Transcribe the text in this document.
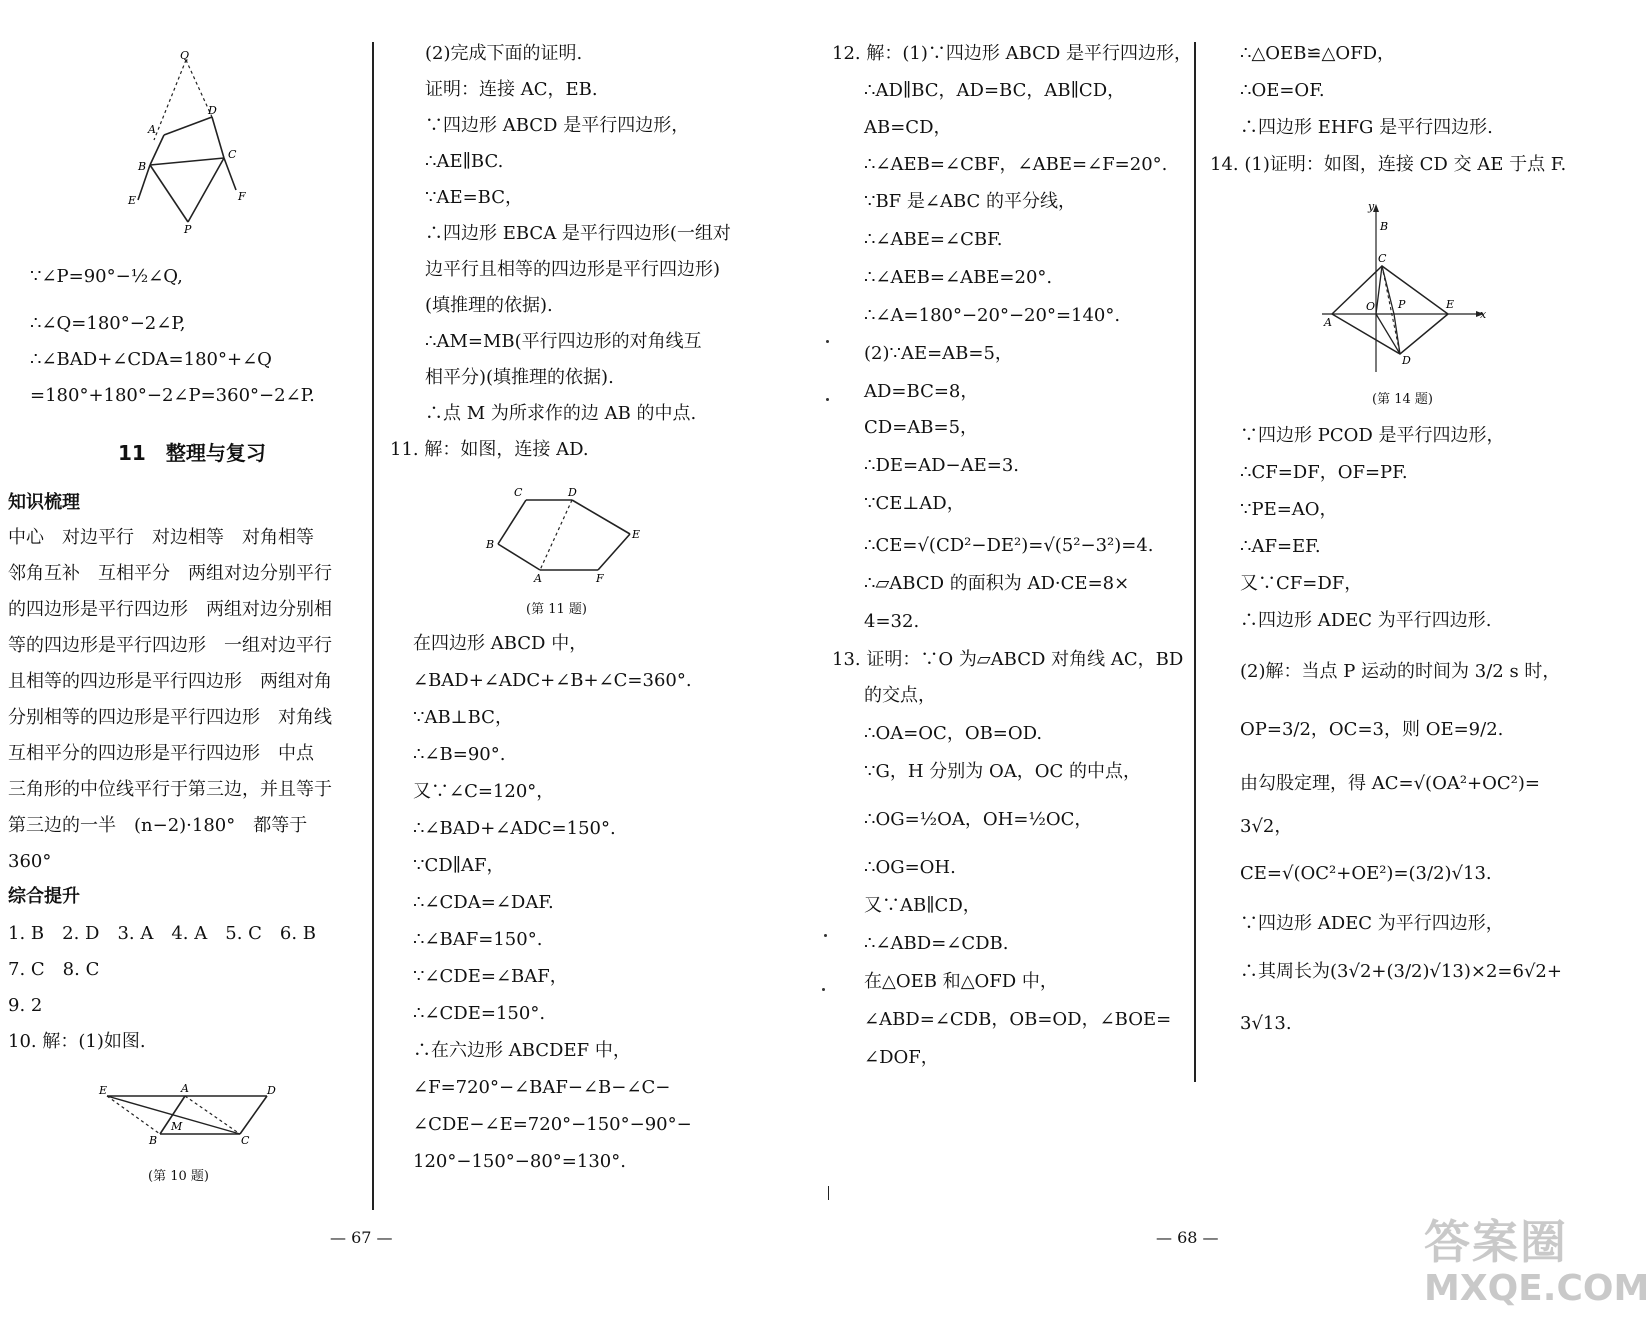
Q
A
D
B
C
E	F
P
∵∠P=90°−½∠Q,
∴∠Q=180°−2∠P,
∴∠BAD+∠CDA=180°+∠Q
=180°+180°−2∠P=360°−2∠P.
11　整理与复习
知识梳理
中心　对边平行　对边相等　对角相等
邻角互补　互相平分　两组对边分别平行
的四边形是平行四边形　两组对边分别相
等的四边形是平行四边形　一组对边平行
且相等的四边形是平行四边形　两组对角
分别相等的四边形是平行四边形　对角线
互相平分的四边形是平行四边形　中点
三角形的中位线平行于第三边，并且等于
第三边的一半　(n−2)·180°　都等于
360°
综合提升
1. B　2. D　3. A　4. A　5. C　6. B
7. C　8. C
9. 2
10. 解：(1)如图.
E	A	D
B
M
C
(第 10 题)
(2)完成下面的证明.
证明：连接 AC，EB.
∵四边形 ABCD 是平行四边形，
∴AE∥BC.
∵AE=BC，
∴四边形 EBCA 是平行四边形(一组对
边平行且相等的四边形是平行四边形)
(填推理的依据).
∴AM=MB(平行四边形的对角线互
相平分)(填推理的依据).
∴点 M 为所求作的边 AB 的中点.
11. 解：如图，连接 AD.
C	D
B
E
A	F
(第 11 题)
在四边形 ABCD 中，
∠BAD+∠ADC+∠B+∠C=360°.
∵AB⊥BC，
∴∠B=90°.
又∵∠C=120°，
∴∠BAD+∠ADC=150°.
∵CD∥AF，
∴∠CDA=∠DAF.
∴∠BAF=150°.
∵∠CDE=∠BAF，
∴∠CDE=150°.
∴在六边形 ABCDEF 中，
∠F=720°−∠BAF−∠B−∠C−
∠CDE−∠E=720°−150°−90°−
120°−150°−80°=130°.
— 67 —
12. 解：(1)∵四边形 ABCD 是平行四边形，
∴AD∥BC，AD=BC，AB∥CD，
AB=CD，
∴∠AEB=∠CBF，∠ABE=∠F=20°.
∵BF 是∠ABC 的平分线，
∴∠ABE=∠CBF.
∴∠AEB=∠ABE=20°.
∴∠A=180°−20°−20°=140°.
(2)∵AE=AB=5，
AD=BC=8，
CD=AB=5，
∴DE=AD−AE=3.
∵CE⊥AD，
∴CE=√(CD²−DE²)=√(5²−3²)=4.
∴▱ABCD 的面积为 AD·CE=8×
4=32.
13. 证明：∵O 为▱ABCD 对角线 AC，BD
的交点，
∴OA=OC，OB=OD.
∵G，H 分别为 OA，OC 的中点，
∴OG=½OA，OH=½OC，
∴OG=OH.
又∵AB∥CD，
∴∠ABD=∠CDB.
在△OEB 和△OFD 中，
∠ABD=∠CDB，OB=OD，∠BOE=
∠DOF，
— 68 —
∴△OEB≌△OFD，
∴OE=OF.
∴四边形 EHFG 是平行四边形.
14. (1)证明：如图，连接 CD 交 AE 于点 F.
y
B
C
O P	E
A
D
x
(第 14 题)
∵四边形 PCOD 是平行四边形，
∴CF=DF，OF=PF.
∵PE=AO，
∴AF=EF.
又∵CF=DF，
∴四边形 ADEC 为平行四边形.
(2)解：当点 P 运动的时间为 3/2 s 时，
OP=3/2，OC=3，则 OE=9/2.
由勾股定理，得 AC=√(OA²+OC²)=
3√2，
CE=√(OC²+OE²)=(3/2)√13.
∵四边形 ADEC 为平行四边形，
∴其周长为(3√2+(3/2)√13)×2=6√2+
3√13.
答案圈
MXQE.COM
